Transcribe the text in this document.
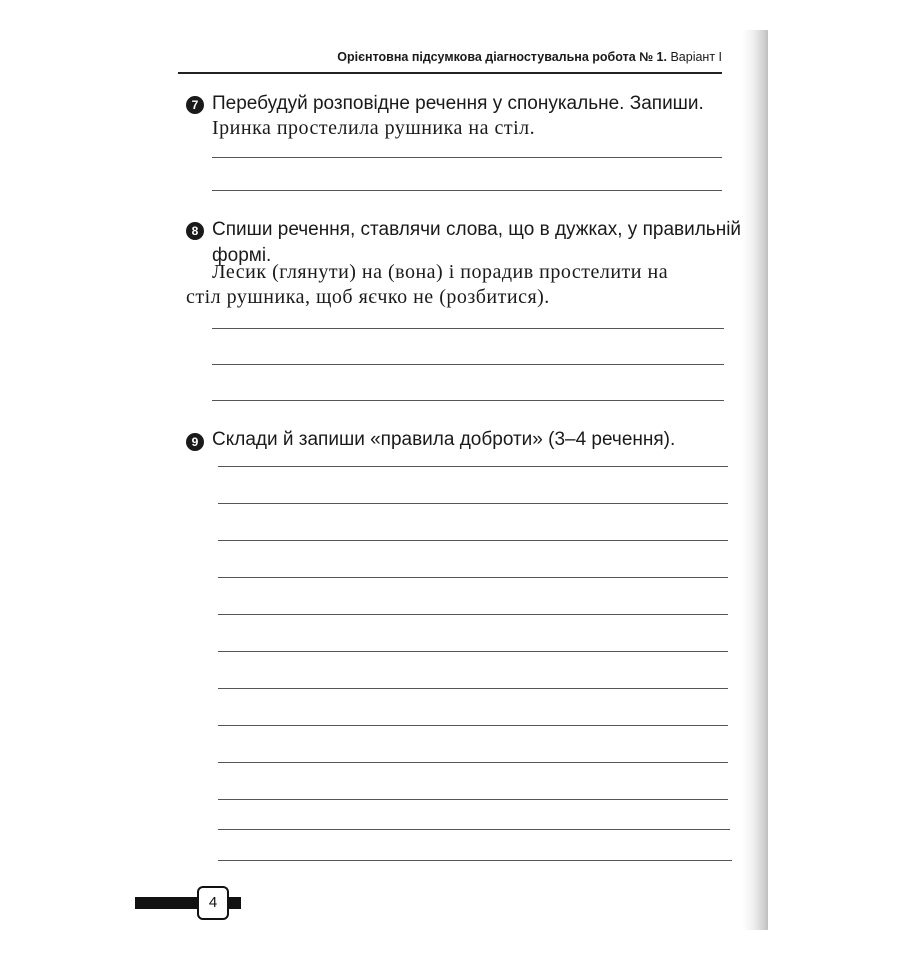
Орієнтовна підсумкова діагностувальна робота № 1. Варіант І
7 Перебудуй розповідне речення у спонукальне. Запиши.
Іринка простелила рушника на стіл.
8 Спиши речення, ставлячи слова, що в дужках, у правильній
формі.
Лесик (глянути) на (вона) і порадив простелити на
стіл рушника, щоб яєчко не (розбитися).
9 Склади й запиши «правила доброти» (3–4 речення).
4
